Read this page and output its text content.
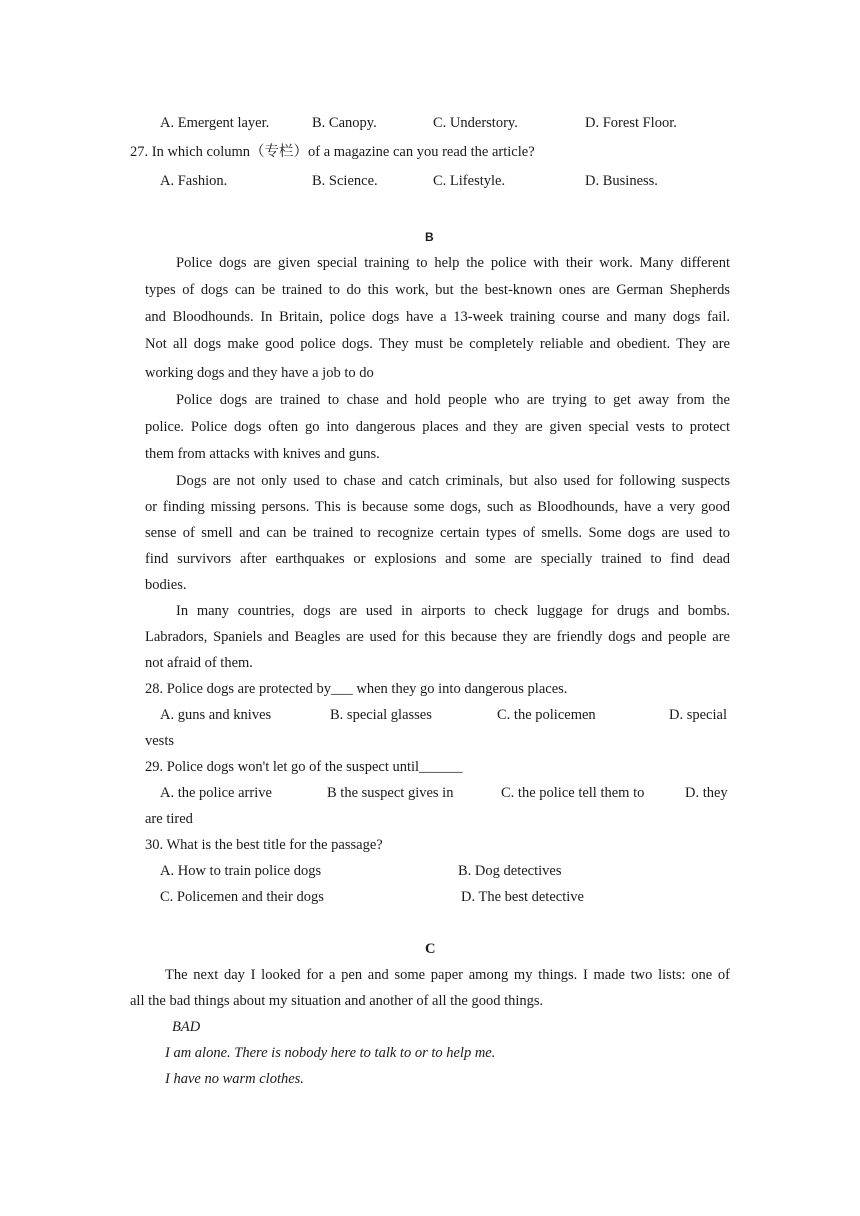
A. Emergent layer.	B. Canopy.	C. Understory.	D. Forest Floor.
27. In which column（专栏）of a magazine can you read the article?
A. Fashion.	B. Science.	C. Lifestyle.	D. Business.
B
Police dogs are given special training to help the police with their work. Many different
types of dogs can be trained to do this work, but the best-known ones are German Shepherds
and Bloodhounds. In Britain, police dogs have a 13-week training course and many dogs fail.
Not all dogs make good police dogs. They must be completely reliable and obedient. They are
working dogs and they have a job to do
Police dogs are trained to chase and hold people who are trying to get away from the
police. Police dogs often go into dangerous places and they are given special vests to protect
them from attacks with knives and guns.
Dogs are not only used to chase and catch criminals, but also used for following suspects
or finding missing persons. This is because some dogs, such as Bloodhounds, have a very good
sense of smell and can be trained to recognize certain types of smells. Some dogs are used to
find survivors after earthquakes or explosions and some are specially trained to find dead
bodies.
In many countries, dogs are used in airports to check luggage for drugs and bombs.
Labradors, Spaniels and Beagles are used for this because they are friendly dogs and people are
not afraid of them.
28. Police dogs are protected by___ when they go into dangerous places.
A. guns and knives	B. special glasses	C. the policemen	D. special
vests
29. Police dogs won't let go of the suspect until______
A. the police arrive	B the suspect gives in	C. the police tell them to	D. they
are tired
30. What is the best title for the passage?
A. How to train police dogs	B. Dog detectives
C. Policemen and their dogs	D. The best detective
C
The next day I looked for a pen and some paper among my things. I made two lists: one of
all the bad things about my situation and another of all the good things.
BAD
I am alone. There is nobody here to talk to or to help me.
I have no warm clothes.
